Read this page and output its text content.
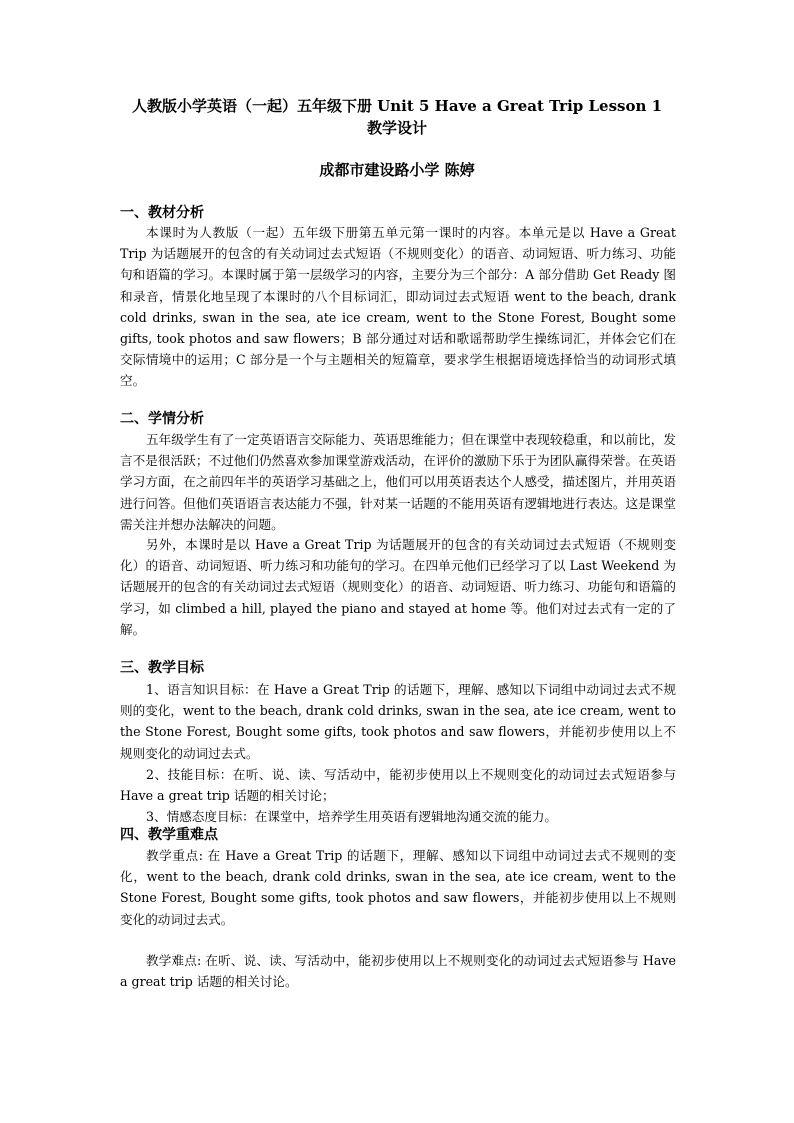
人教版小学英语（一起）五年级下册 Unit 5 Have a Great Trip Lesson 1
教学设计
成都市建设路小学 陈婷
一、教材分析
本课时为人教版（一起）五年级下册第五单元第一课时的内容。本单元是以 Have a Great Trip 为话题展开的包含的有关动词过去式短语（不规则变化）的语音、动词短语、听力练习、功能句和语篇的学习。本课时属于第一层级学习的内容，主要分为三个部分：A 部分借助 Get Ready 图和录音，情景化地呈现了本课时的八个目标词汇，即动词过去式短语 went to the beach, drank cold drinks, swan in the sea, ate ice cream, went to the Stone Forest, Bought some gifts, took photos and saw flowers；B 部分通过对话和歌谣帮助学生操练词汇，并体会它们在交际情境中的运用；C 部分是一个与主题相关的短篇章，要求学生根据语境选择恰当的动词形式填空。
二、学情分析
五年级学生有了一定英语语言交际能力、英语思维能力；但在课堂中表现较稳重，和以前比，发言不是很活跃；不过他们仍然喜欢参加课堂游戏活动，在评价的激励下乐于为团队赢得荣誉。在英语学习方面，在之前四年半的英语学习基础之上，他们可以用英语表达个人感受，描述图片，并用英语进行问答。但他们英语语言表达能力不强，针对某一话题的不能用英语有逻辑地进行表达。这是课堂需关注并想办法解决的问题。
另外，本课时是以 Have a Great Trip 为话题展开的包含的有关动词过去式短语（不规则变化）的语音、动词短语、听力练习和功能句的学习。在四单元他们已经学习了以 Last Weekend 为话题展开的包含的有关动词过去式短语（规则变化）的语音、动词短语、听力练习、功能句和语篇的学习，如 climbed a hill, played the piano and stayed at home 等。他们对过去式有一定的了解。
三、教学目标
1、语言知识目标：在 Have a Great Trip 的话题下，理解、感知以下词组中动词过去式不规则的变化，went to the beach, drank cold drinks, swan in the sea, ate ice cream, went to the Stone Forest, Bought some gifts, took photos and saw flowers，并能初步使用以上不规则变化的动词过去式。
2、技能目标：在听、说、读、写活动中，能初步使用以上不规则变化的动词过去式短语参与 Have a great trip 话题的相关讨论；
3、情感态度目标：在课堂中，培养学生用英语有逻辑地沟通交流的能力。
四、教学重难点
教学重点: 在 Have a Great Trip 的话题下，理解、感知以下词组中动词过去式不规则的变化，went to the beach, drank cold drinks, swan in the sea, ate ice cream, went to the Stone Forest, Bought some gifts, took photos and saw flowers，并能初步使用以上不规则变化的动词过去式。
教学难点: 在听、说、读、写活动中，能初步使用以上不规则变化的动词过去式短语参与 Have a great trip 话题的相关讨论。
